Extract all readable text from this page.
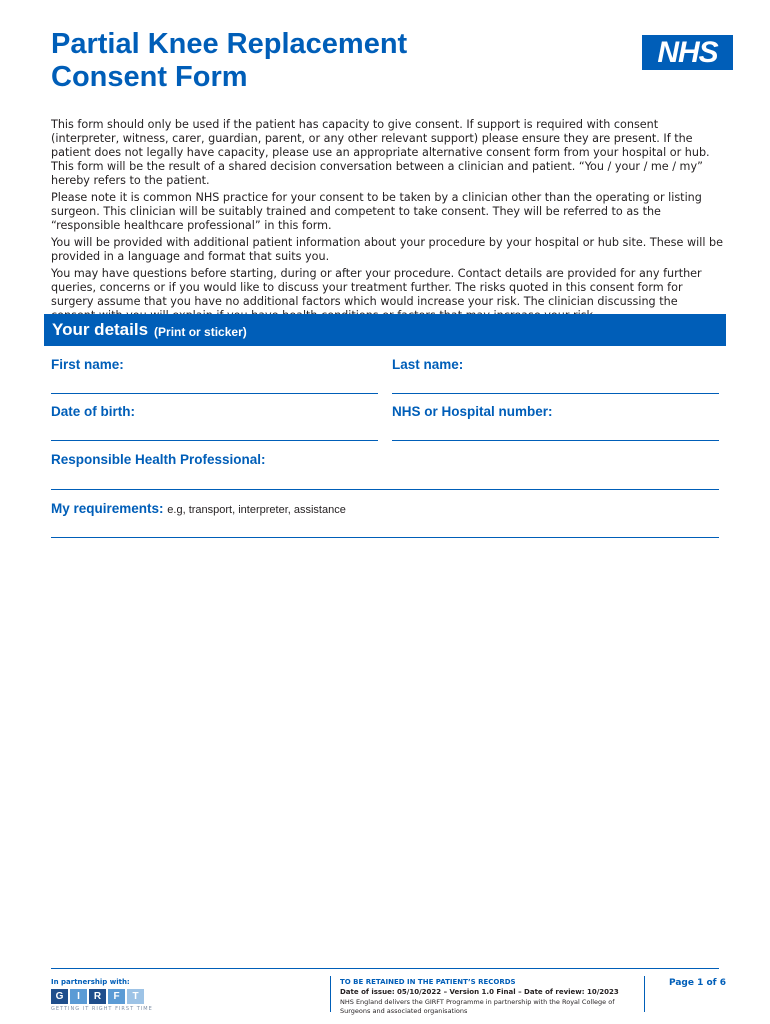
Partial Knee Replacement
Consent Form
NHS

This form should only be used if the patient has capacity to give consent. If support is required with consent (interpreter, witness, carer, guardian, parent, or any other relevant support) please ensure they are present. If the patient does not legally have capacity, please use an appropriate alternative consent form from your hospital or hub. This form will be the result of a shared decision conversation between a clinician and patient. “You / your / me / my” hereby refers to the patient.

Please note it is common NHS practice for your consent to be taken by a clinician other than the operating or listing surgeon. This clinician will be suitably trained and competent to take consent. They will be referred to as the “responsible healthcare professional” in this form.

You will be provided with additional patient information about your procedure by your hospital or hub site. These will be provided in a language and format that suits you.

You may have questions before starting, during or after your procedure. Contact details are provided for any further queries, concerns or if you would like to discuss your treatment further. The risks quoted in this consent form for surgery assume that you have no additional factors which would increase your risk. The clinician discussing the

Your details (Print or sticker)
First name:	Last name:
Date of birth:	NHS or Hospital number:
Responsible Health Professional:
My requirements: e.g, transport, interpreter, assistance
In partnership with:
G	I	R	F	T
GETTING IT RIGHT FIRST TIME
TO BE RETAINED IN THE PATIENT’S RECORDS
Date of issue: 05/10/2022 – Version 1.0 Final – Date of review: 10/2023
NHS England delivers the GIRFT Programme in partnership with the Royal College of Surgeons and associated organisations
Page 1 of 6
